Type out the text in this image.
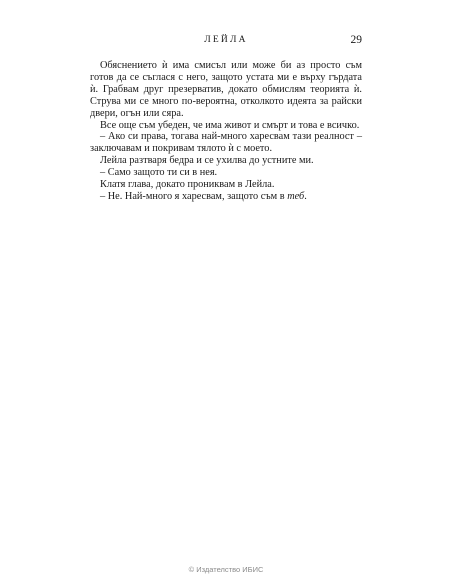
ЛЕЙЛА	29

Обяснението ѝ има смисъл или може би аз просто съм готов да се съглася с него, защото устата ми е върху гърдата ѝ. Грабвам друг презерватив, докато обмислям теорията ѝ. Струва ми се много по-вероятна, отколкото идеята за райски двери, огън или сяра.

Все още съм убеден, че има живот и смърт и това е всичко.

– Ако си права, тогава най-много харесвам тази реалност – заключавам и покривам тялото ѝ с моето.

Лейла разтваря бедра и се ухилва до устните ми.

– Само защото ти си в нея.

Клатя глава, докато прониквам в Лейла.

– Не. Най-много я харесвам, защото съм в теб.

© Издателство ИБИС
